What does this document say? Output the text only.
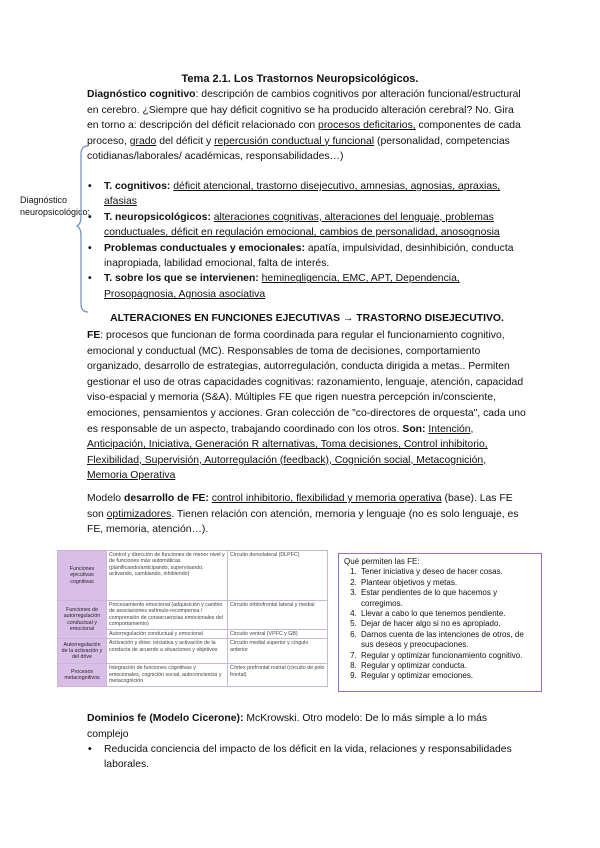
Tema 2.1. Los Trastornos Neuropsicológicos.
Diagnóstico cognitivo: descripción de cambios cognitivos por alteración funcional/estructural en cerebro. ¿Siempre que hay déficit cognitivo se ha producido alteración cerebral? No. Gira en torno a: descripción del déficit relacionado con procesos deficitarios, componentes de cada proceso, grado del déficit y repercusión conductual y funcional (personalidad, competencias cotidianas/laborales/ académicas, responsabilidades…)
Diagnóstico neuropsicológico:
• T. cognitivos: déficit atencional, trastorno disejecutivo, amnesias, agnosias, apraxias, afasias
• T. neuropsicológicos: alteraciones cognitivas, alteraciones del lenguaje, problemas conductuales, déficit en regulación emocional, cambios de personalidad, anosognosia
• Problemas conductuales y emocionales: apatía, impulsividad, desinhibición, conducta inapropiada, labilidad emocional, falta de interés.
• T. sobre los que se intervienen: heminegligencia, EMC, APT, Dependencia, Prosopagnosia, Agnosia asociativa
ALTERACIONES EN FUNCIONES EJECUTIVAS → TRASTORNO DISEJECUTIVO.
FE: procesos que funcionan de forma coordinada para regular el funcionamiento cognitivo, emocional y conductual (MC). Responsables de toma de decisiones, comportamiento organizado, desarrollo de estrategias, autorregulación, conducta dirigida a metas.. Permiten gestionar el uso de otras capacidades cognitivas: razonamiento, lenguaje, atención, capacidad viso-espacial y memoria (S&A). Múltiples FE que rigen nuestra percepción in/consciente, emociones, pensamientos y acciones. Gran colección de "co-directores de orquesta", cada uno es responsable de un aspecto, trabajando coordinado con los otros. Son: Intención, Anticipación, Iniciativa, Generación R alternativas, Toma decisiones, Control inhibitorio, Flexibilidad, Supervisión, Autorregulación (feedback), Cognición social, Metacognición, Memoria Operativa
Modelo desarrollo de FE: control inhibitorio, flexibilidad y memoria operativa (base). Las FE son optimizadores. Tienen relación con atención, memoria y lenguaje (no es solo lenguaje, es FE, memoria, atención…).
Funciones ejecutivas cognitivas	Control y dirección de funciones de menor nivel y de funciones más automáticas (planificando/anticipando, supervisando, activando, cambiando, inhibiendo)	Circuito dorsolateral (DLPFC)
Funciones de autorregulación conductual y emocional	Procesamiento emocional (adquisición y cambio de asociaciones estímulo-recompensa / comprensión de consecuencias emocionales del comportamiento)	Circuito orbitofrontal lateral y medial
	Autorregulación conductual y emocional	Circuito ventral (VPFC y GB)
Autorregulación de la activación y del drive	Activación y drive: iniciativa y activación de la conducta de acuerdo a situaciones y objetivos	Circuito medial superior y cíngulo anterior
Procesos metacognitivos	Integración de funciones cognitivas y emocionales, cognición social, autoconciencia y metacognición	Córtex prefrontal rostral (circuito de polo frontal)
Qué permiten las FE:
1. Tener iniciativa y deseo de hacer cosas.
2. Plantear objetivos y metas.
3. Estar pendientes de lo que hacemos y corregimos.
4. Llevar a cabo lo que tenemos pendiente.
5. Dejar de hacer algo si no es apropiado.
6. Darnos cuenta de las intenciones de otros, de sus deseos y preocupaciones.
7. Regular y optimizar funcionamiento cognitivo.
8. Regular y optimizar conducta.
9. Regular y optimizar emociones.
Dominios fe (Modelo Cicerone): McKrowski. Otro modelo: De lo más simple a lo más complejo
• Reducida conciencia del impacto de los déficit en la vida, relaciones y responsabilidades laborales.
